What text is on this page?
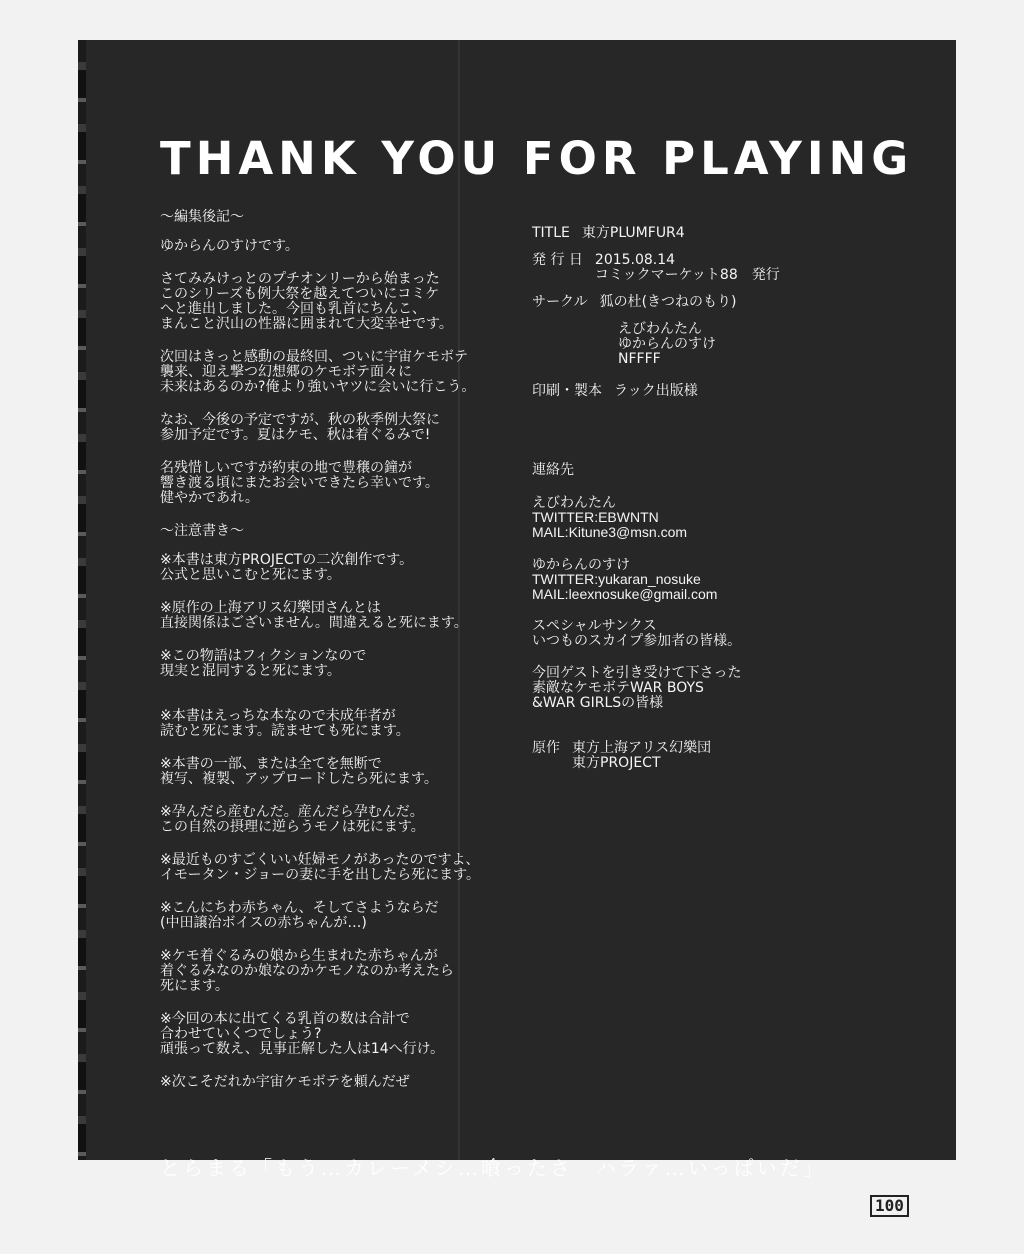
THANK YOU FOR PLAYING

～編集後記～

ゆからんのすけです。

さてみみけっとのプチオンリーから始まった
このシリーズも例大祭を越えてついにコミケ
へと進出しました。今回も乳首にちんこ、
まんこと沢山の性器に囲まれて大変幸せです。

次回はきっと感動の最終回、ついに宇宙ケモボテ
襲来、迎え撃つ幻想郷のケモボテ面々に
未来はあるのか?俺より強いヤツに会いに行こう。

なお、今後の予定ですが、秋の秋季例大祭に
参加予定です。夏はケモ、秋は着ぐるみで!

名残惜しいですが約束の地で豊穣の鐘が
響き渡る頃にまたお会いできたら幸いです。
健やかであれ。

～注意書き～

※本書は東方PROJECTの二次創作です。
公式と思いこむと死にます。

※原作の上海アリス幻樂団さんとは
直接関係はございません。間違えると死にます。

※この物語はフィクションなので
現実と混同すると死にます。

※本書はえっちな本なので未成年者が
読むと死にます。読ませても死にます。

※本書の一部、または全てを無断で
複写、複製、アップロードしたら死にます。

※孕んだら産むんだ。産んだら孕むんだ。
この自然の摂理に逆らうモノは死にます。

※最近ものすごくいい妊婦モノがあったのですよ、
イモータン・ジョーの妻に手を出したら死にます。

※こんにちわ赤ちゃん、そしてさようならだ
(中田譲治ボイスの赤ちゃんが…)

※ケモ着ぐるみの娘から生まれた赤ちゃんが
着ぐるみなのか娘なのかケモノなのか考えたら
死にます。

※今回の本に出てくる乳首の数は合計で
合わせていくつでしょう?
頑張って数え、見事正解した人は14へ行け。

※次こそだれか宇宙ケモボテを頼んだぜ

TITLE 東方PLUMFUR4
発 行 日 2015.08.14
コミックマーケット88　発行
サークル 狐の杜(きつねのもり)

えびわんたん
ゆからんのすけ
NFFFF

印刷・製本 ラック出版様

連絡先

えびわんたん
TWITTER:EBWNTN
MAIL:Kitune3@msn.com

ゆからんのすけ
TWITTER:yukaran_nosuke
MAIL:leexnosuke@gmail.com

スペシャルサンクス
いつものスカイプ参加者の皆様。

今回ゲストを引き受けて下さった
素敵なケモボテWAR BOYS
&WAR GIRLSの皆様

原作 東方上海アリス幻樂団
東方PROJECT
とらまる「もう…カレーメシ…喰ったさ　ハラァ…いっぱいだ」
100
